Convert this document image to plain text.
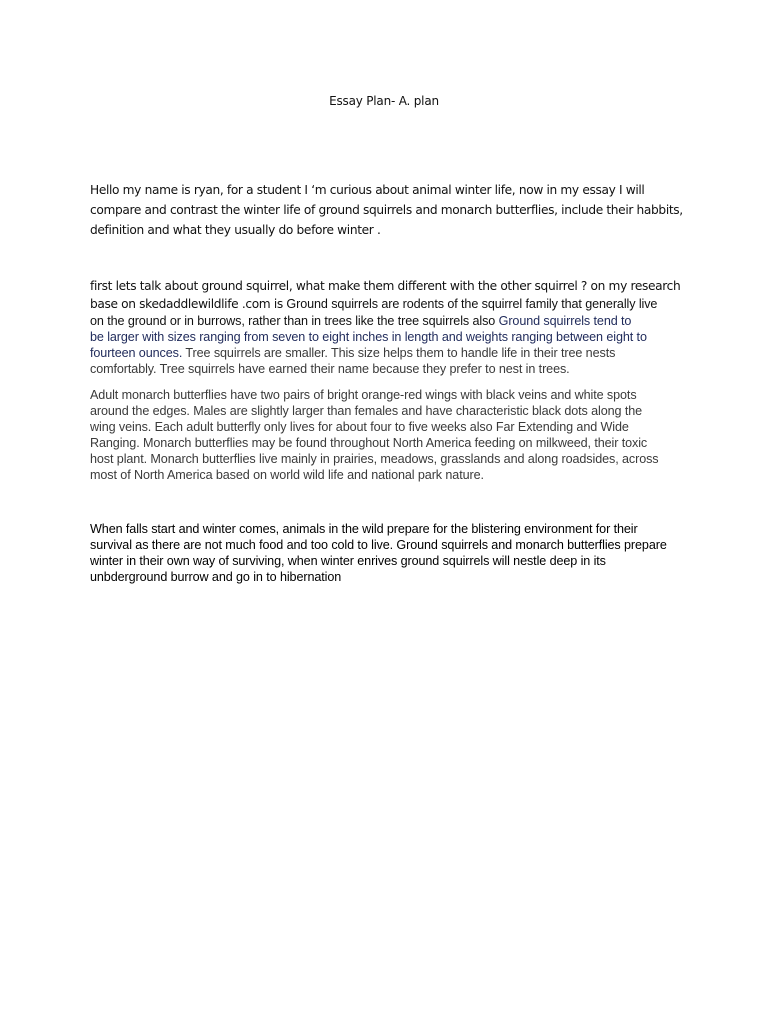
Essay Plan- A. plan
Hello my name is ryan, for a student I ‘m curious about animal winter life, now in my essay I will
compare and contrast the winter life of ground squirrels and monarch butterflies, include their habbits,
definition and what they usually do before winter .
first lets talk about ground squirrel, what make them different with the other squirrel ? on my research
base on skedaddlewildlife .com is Ground squirrels are rodents of the squirrel family that generally live
on the ground or in burrows, rather than in trees like the tree squirrels also Ground squirrels tend to
be larger with sizes ranging from seven to eight inches in length and weights ranging between eight to
fourteen ounces. Tree squirrels are smaller. This size helps them to handle life in their tree nests
comfortably. Tree squirrels have earned their name because they prefer to nest in trees.
Adult monarch butterflies have two pairs of bright orange-red wings with black veins and white spots
around the edges. Males are slightly larger than females and have characteristic black dots along the
wing veins. Each adult butterfly only lives for about four to five weeks also Far Extending and Wide
Ranging. Monarch butterflies may be found throughout North America feeding on milkweed, their toxic
host plant. Monarch butterflies live mainly in prairies, meadows, grasslands and along roadsides, across
most of North America based on world wild life and national park nature.
When falls start and winter comes, animals in the wild prepare for the blistering environment for their
survival as there are not much food and too cold to live. Ground squirrels and monarch butterflies prepare
winter in their own way of surviving, when winter enrives ground squirrels will nestle deep in its
unbderground burrow and go in to hibernation
